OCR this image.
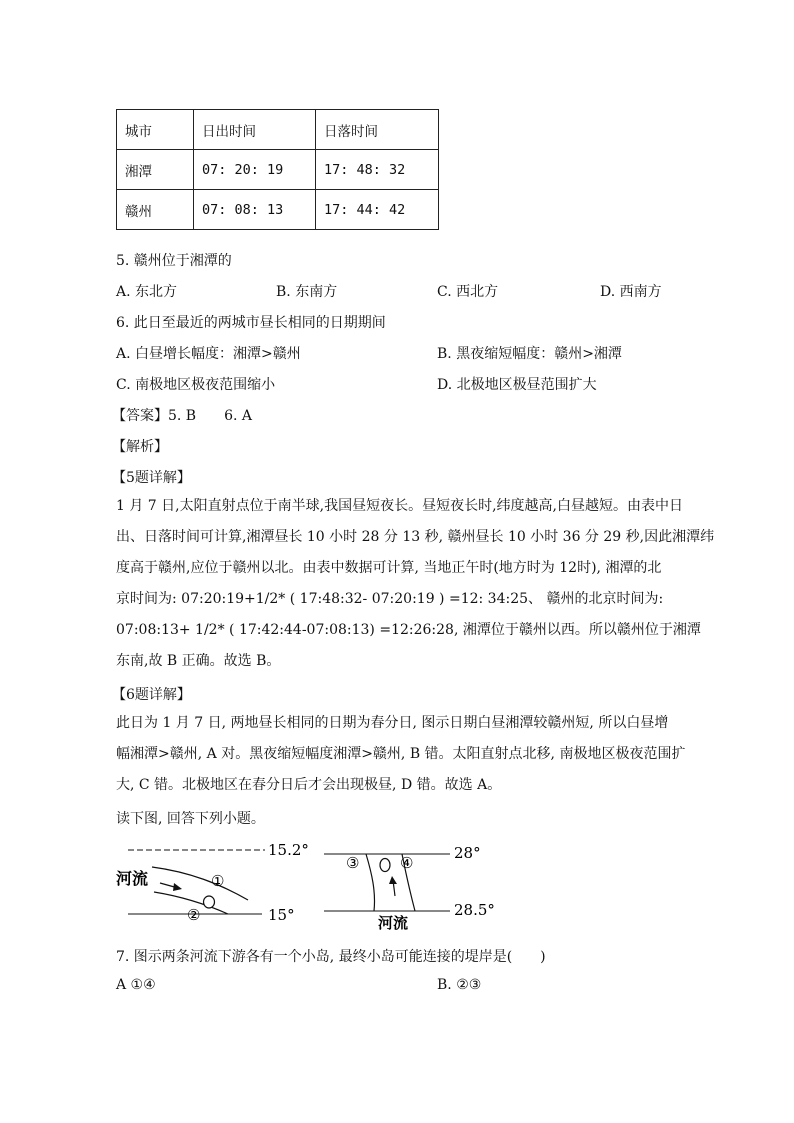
城市	日出时间	日落时间
湘潭	07: 20: 19	17: 48: 32
赣州	07: 08: 13	17: 44: 42
5. 赣州位于湘潭的
A. 东北方	B. 东南方	C. 西北方	D. 西南方
6. 此日至最近的两城市昼长相同的日期期间
A. 白昼增长幅度：湘潭>赣州	B. 黑夜缩短幅度：赣州>湘潭
C. 南极地区极夜范围缩小	D. 北极地区极昼范围扩大
【答案】5. B　　6. A
【解析】
【5题详解】
1 月 7 日,太阳直射点位于南半球,我国昼短夜长。昼短夜长时,纬度越高,白昼越短。由表中日
出、日落时间可计算,湘潭昼长 10 小时 28 分 13 秒, 赣州昼长 10 小时 36 分 29 秒,因此湘潭纬
度高于赣州,应位于赣州以北。由表中数据可计算, 当地正午时(地方时为 12时), 湘潭的北
京时间为: 07:20:19+1/2* ( 17:48:32- 07:20:19 ) =12: 34:25、 赣州的北京时间为:
07:08:13+ 1/2* ( 17:42:44-07:08:13) =12:26:28, 湘潭位于赣州以西。所以赣州位于湘潭
东南,故 B 正确。故选 B。
【6题详解】
此日为 1 月 7 日, 两地昼长相同的日期为春分日, 图示日期白昼湘潭较赣州短, 所以白昼增
幅湘潭>赣州, A 对。黑夜缩短幅度湘潭>赣州, B 错。太阳直射点北移, 南极地区极夜范围扩
大, C 错。北极地区在春分日后才会出现极昼, D 错。故选 A。
读下图, 回答下列小题。
15.2°
15°
河流	①
②
28°
28.5°
③	④
河流
7. 图示两条河流下游各有一个小岛, 最终小岛可能连接的堤岸是(　　)
A ①④	B. ②③
